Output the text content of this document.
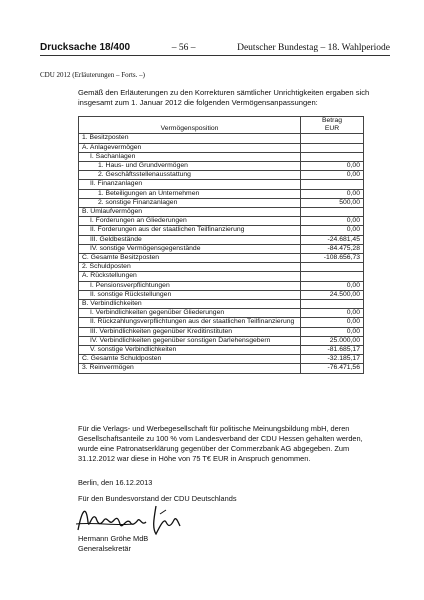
Drucksache 18/400	– 56 –	Deutscher Bundestag – 18. Wahlperiode
CDU 2012 (Erläuterungen – Forts. –)
Gemäß den Erläuterungen zu den Korrekturen sämtlicher Unrichtigkeiten ergaben sich insgesamt zum 1. Januar 2012 die folgenden Vermögensanpassungen:
Vermögensposition	Betrag
EUR
1. Besitzposten	
A. Anlagevermögen	
I. Sachanlagen	
1. Haus- und Grundvermögen	0,00
2. Geschäftsstellenausstattung	0,00
II. Finanzanlagen	
1. Beteiligungen an Unternehmen	0,00
2. sonstige Finanzanlagen	500,00
B. Umlaufvermögen	
I. Forderungen an Gliederungen	0,00
II. Forderungen aus der staatlichen Teilfinanzierung	0,00
III. Geldbestände	-24.681,45
IV. sonstige Vermögensgegenstände	-84.475,28
C. Gesamte Besitzposten	-108.656,73
2. Schuldposten	
A. Rückstellungen	
I. Pensionsverpflichtungen	0,00
II. sonstige Rückstellungen	24.500,00
B. Verbindlichkeiten	
I. Verbindlichkeiten gegenüber Gliederungen	0,00
II. Rückzahlungsverpflichtungen aus der staatlichen Teilfinanzierung	0,00
III. Verbindlichkeiten gegenüber Kreditinstituten	0,00
IV. Verbindlichkeiten gegenüber sonstigen Darlehensgebern	25.000,00
V. sonstige Verbindlichkeiten	-81.685,17
C. Gesamte Schuldposten	-32.185,17
3. Reinvermögen	-76.471,56
Für die Verlags- und Werbegesellschaft für politische Meinungsbildung mbH, deren Gesellschaftsanteile zu 100 % vom Landesverband der CDU Hessen gehalten werden, wurde eine Patronatserklärung gegenüber der Commerzbank AG abgegeben. Zum 31.12.2012 war diese in Höhe von 75 T€ EUR in Anspruch genommen.
Berlin, den 16.12.2013
Für den Bundesvorstand der CDU Deutschlands
Hermann Gröhe MdB
Generalsekretär
